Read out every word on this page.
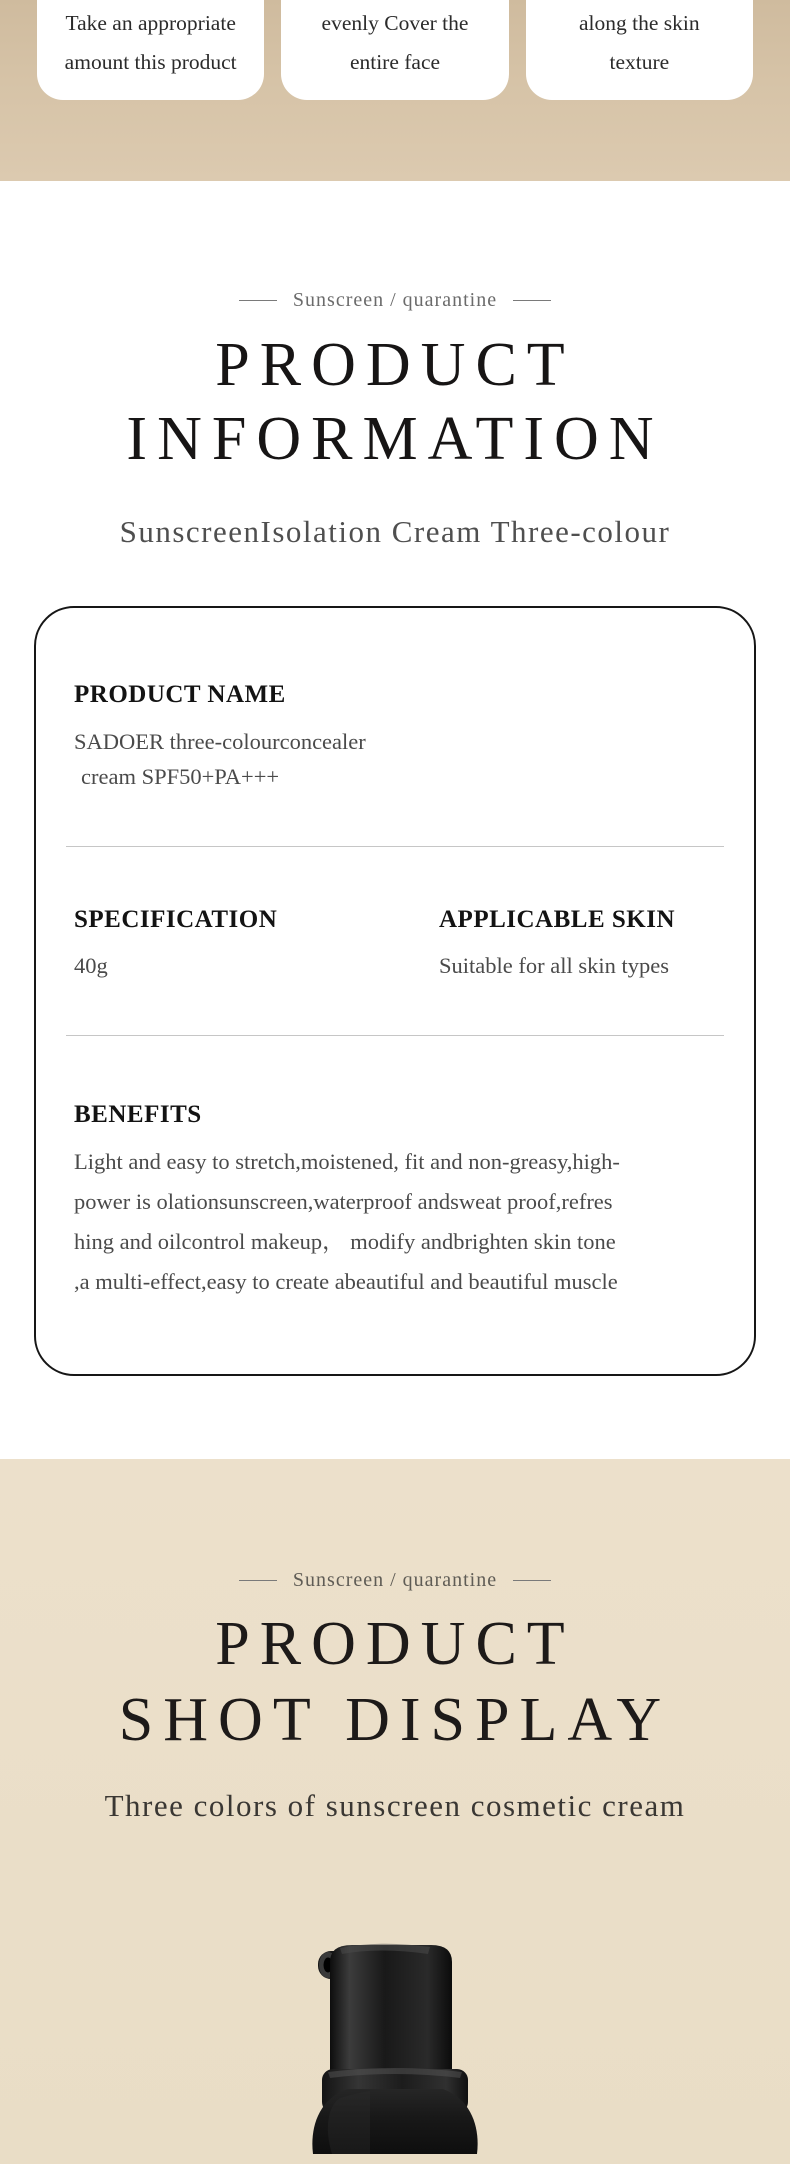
Take an appropriate
amount this product
evenly Cover the
entire face
along the skin
texture
Sunscreen / quarantine
PRODUCT
INFORMATION
SunscreenIsolation Cream Three-colour
PRODUCT NAME
SADOER three-colourconcealer
cream SPF50+PA+++
SPECIFICATION
40g
APPLICABLE SKIN
Suitable for all skin types
BENEFITS
Light and easy to stretch,moistened, fit and non-greasy,high-
power is olationsunscreen,waterproof andsweat proof,refres
hing and oilcontrol makeup， modify andbrighten skin tone
,a multi-effect,easy to create abeautiful and beautiful muscle
Sunscreen / quarantine
PRODUCT
SHOT DISPLAY
Three colors of sunscreen cosmetic cream
